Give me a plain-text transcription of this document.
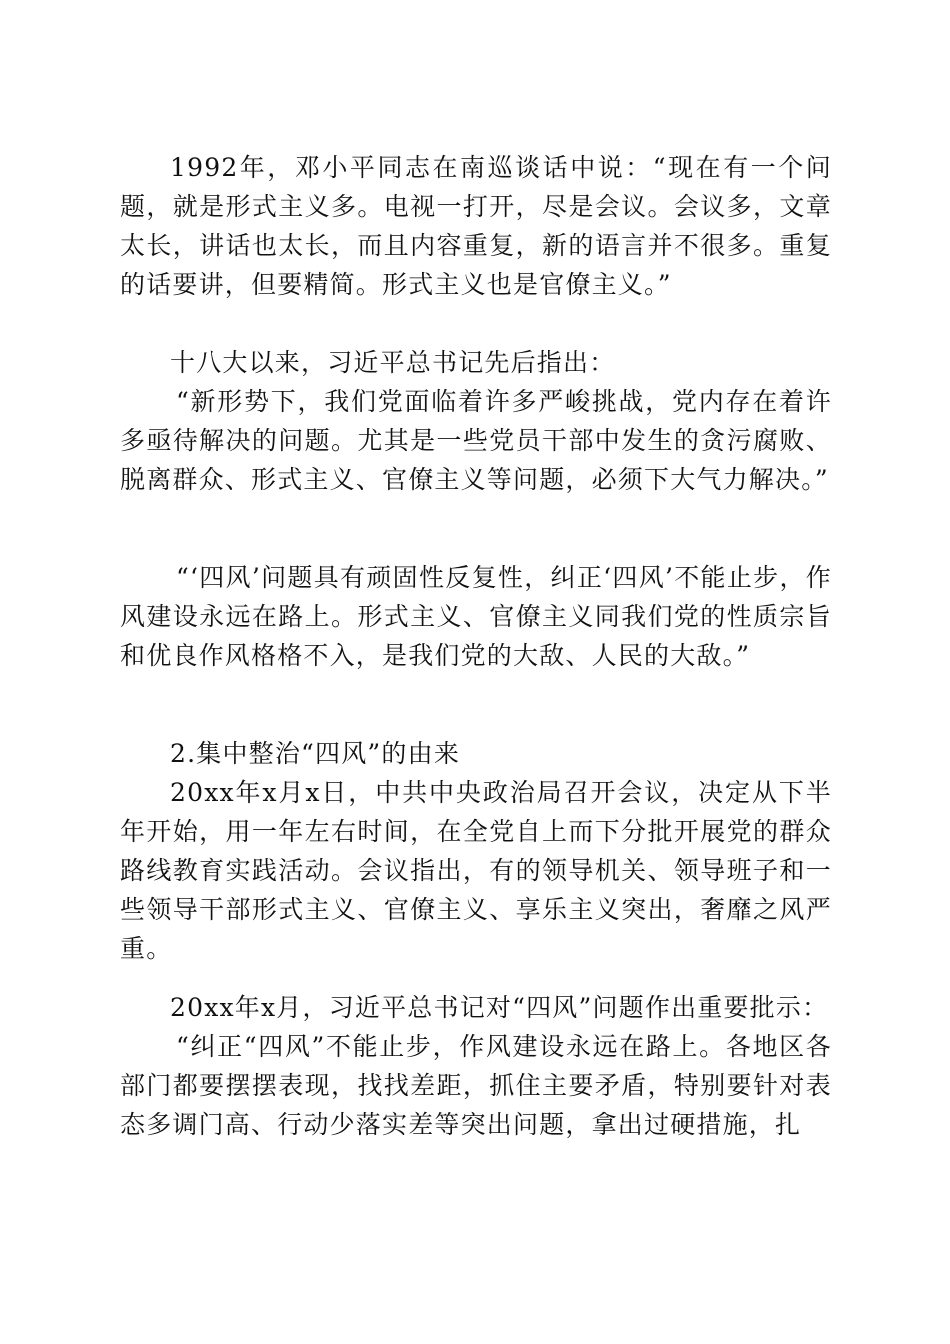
1992年，邓小平同志在南巡谈话中说：“现在有一个问题，就是形式主义多。电视一打开，尽是会议。会议多，文章太长，讲话也太长，而且内容重复，新的语言并不很多。重复的话要讲，但要精简。形式主义也是官僚主义。”

十八大以来，习近平总书记先后指出：

“新形势下，我们党面临着许多严峻挑战，党内存在着许多亟待解决的问题。尤其是一些党员干部中发生的贪污腐败、脱离群众、形式主义、官僚主义等问题，必须下大气力解决。”

“‘四风’问题具有顽固性反复性，纠正‘四风’不能止步，作风建设永远在路上。形式主义、官僚主义同我们党的性质宗旨和优良作风格格不入，是我们党的大敌、人民的大敌。”

2.集中整治“四风”的由来

20xx年x月x日，中共中央政治局召开会议，决定从下半年开始，用一年左右时间，在全党自上而下分批开展党的群众路线教育实践活动。会议指出，有的领导机关、领导班子和一些领导干部形式主义、官僚主义、享乐主义突出，奢靡之风严重。

20xx年x月，习近平总书记对“四风”问题作出重要批示：

“纠正“四风”不能止步，作风建设永远在路上。各地区各部门都要摆摆表现，找找差距，抓住主要矛盾，特别要针对表态多调门高、行动少落实差等突出问题，拿出过硬措施，扎
